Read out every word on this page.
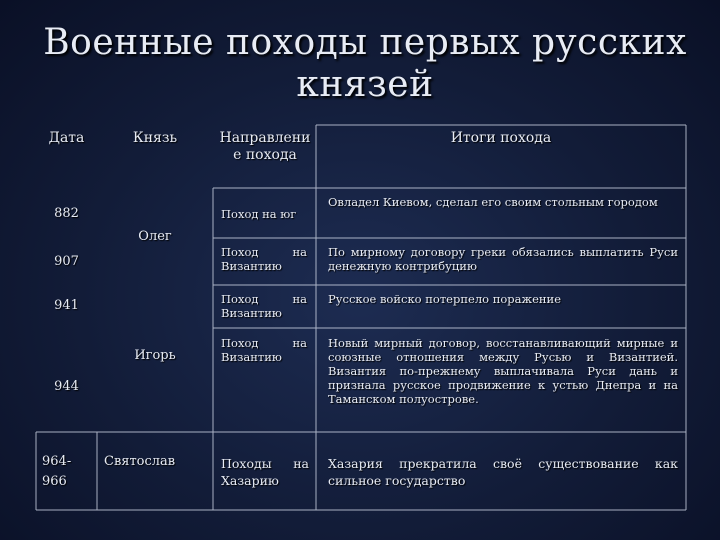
Военные походы первых русских князей
Дата	Князь	Направлени е похода
Итоги похода
882
907
941
944
964-966
Олег
Игорь
Святослав
Поход на юг
Поход на Византию
Поход на Византию
Поход на Византию
Походы на Хазарию
Овладел Киевом, сделал его своим стольным городом
По мирному договору греки обязались выплатить Руси денежную контрибуцию
Русское войско потерпело поражение
Новый мирный договор, восстанавливающий мирные и союзные отношения между Русью и Византией. Византия по-прежнему выплачивала Руси дань и признала русское продвижение к устью Днепра и на Таманском полуострове.
Хазария прекратила своё существование как сильное государство
